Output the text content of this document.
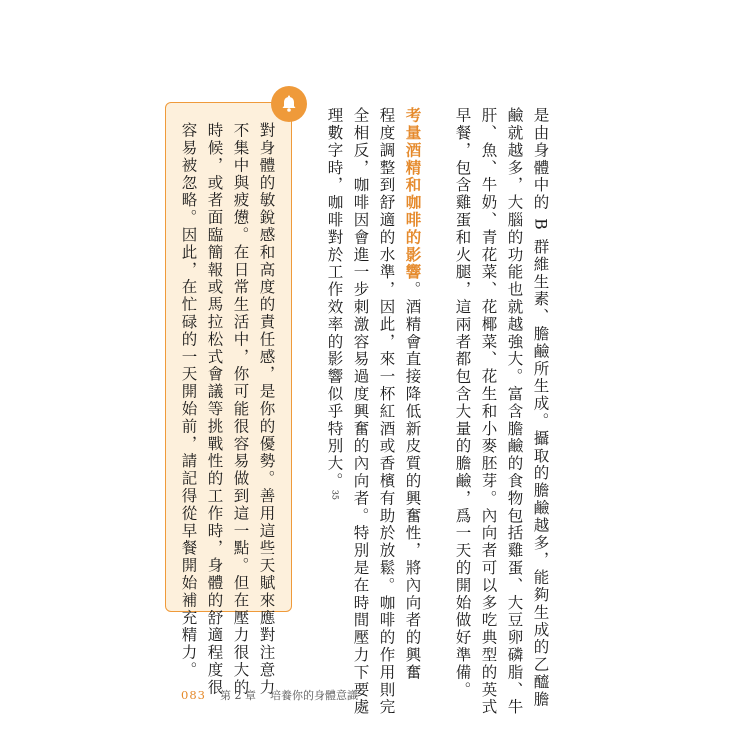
是由身體中的 B 群維生素、膽鹼所生成。攝取的膽鹼越多，能夠生成的乙醯膽
鹼就越多，大腦的功能也就越強大。富含膽鹼的食物包括雞蛋、大豆卵磷脂、牛
肝、魚、牛奶、青花菜、花椰菜、花生和小麥胚芽。內向者可以多吃典型的英式
早餐，包含雞蛋和火腿，這兩者都包含大量的膽鹼，爲一天的開始做好準備。
考量酒精和咖啡的影響。酒精會直接降低新皮質的興奮性，將內向者的興奮
程度調整到舒適的水準，因此，來一杯紅酒或香檳有助於放鬆。咖啡的作用則完
全相反，咖啡因會進一步刺激容易過度興奮的內向者。特別是在時間壓力下要處
理數字時，咖啡對於工作效率的影響似乎特別大。35
對身體的敏銳感和高度的責任感，是你的優勢。善用這些天賦來應對注意力
不集中與疲憊。在日常生活中，你可能很容易做到這一點。但在壓力很大的
時候，或者面臨簡報或馬拉松式會議等挑戰性的工作時，身體的舒適程度很
容易被忽略。因此，在忙碌的一天開始前，請記得從早餐開始補充精力。
083 第 2 章 培養你的身體意識
